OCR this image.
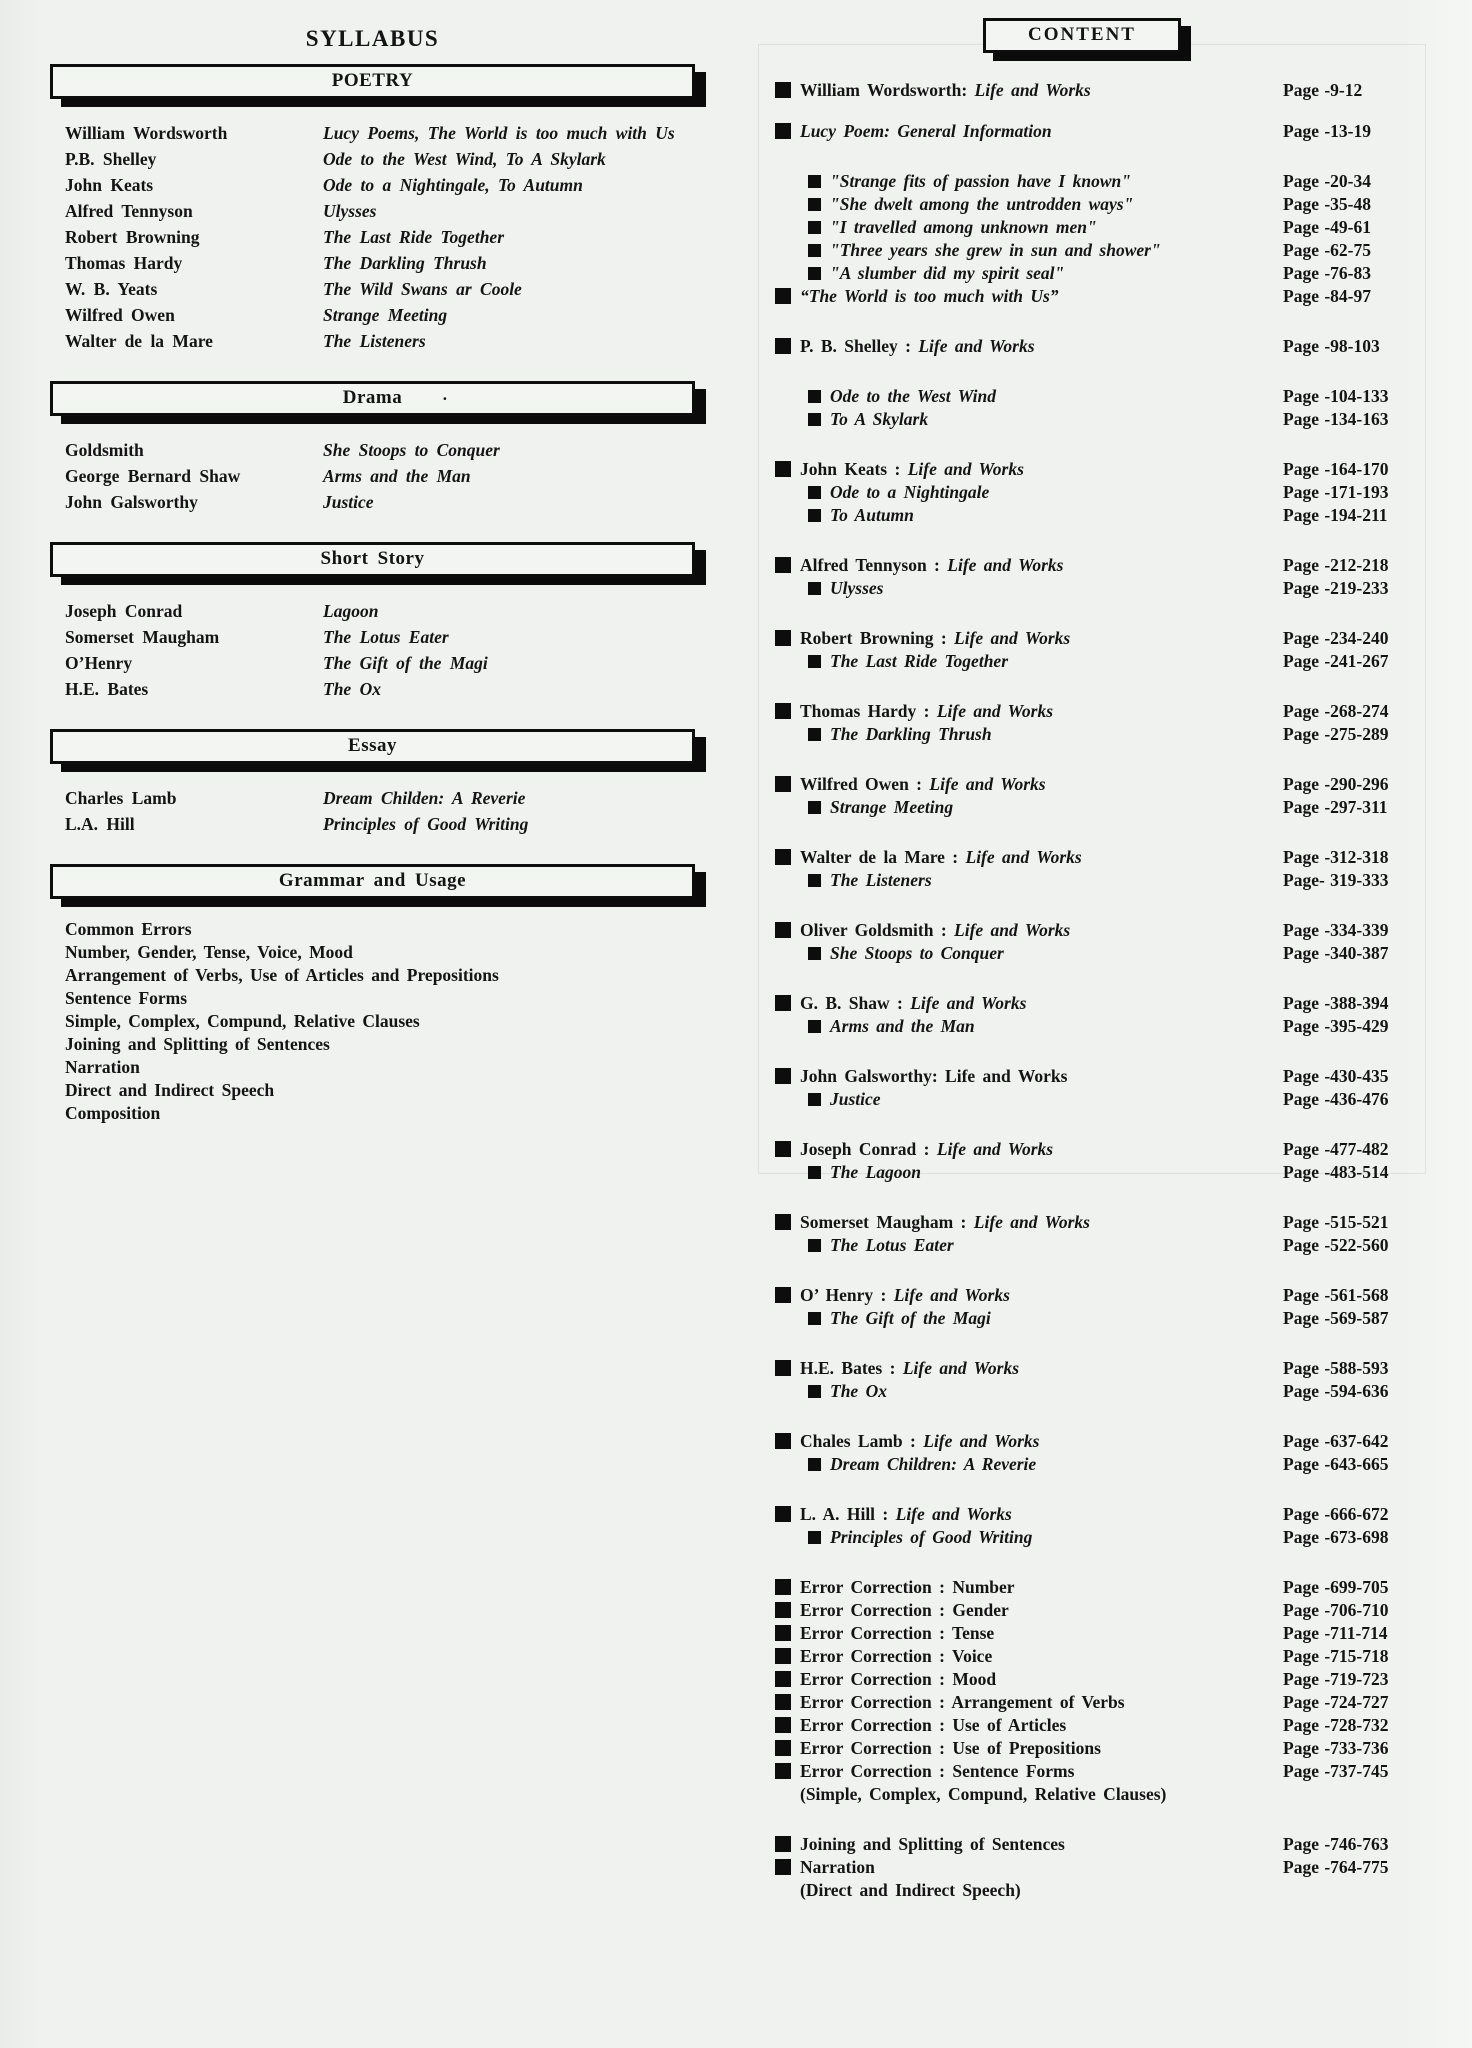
SYLLABUS
POETRY
William Wordsworth	Lucy Poems, The World is too much with Us
P.B. Shelley	Ode to the West Wind, To A Skylark
John Keats	Ode to a Nightingale, To Autumn
Alfred Tennyson	Ulysses
Robert Browning	The Last Ride Together
Thomas Hardy	The Darkling Thrush
W. B. Yeats	The Wild Swans ar Coole
Wilfred Owen	Strange Meeting
Walter de la Mare	The Listeners
Drama .
Goldsmith	She Stoops to Conquer
George Bernard Shaw	Arms and the Man
John Galsworthy	Justice
Short Story
Joseph Conrad	Lagoon
Somerset Maugham	The Lotus Eater
O’Henry	The Gift of the Magi
H.E. Bates	The Ox
Essay
Charles Lamb	Dream Childen: A Reverie
L.A. Hill	Principles of Good Writing
Grammar and Usage
Common Errors
Number, Gender, Tense, Voice, Mood
Arrangement of Verbs, Use of Articles and Prepositions
Sentence Forms
Simple, Complex, Compund, Relative Clauses
Joining and Splitting of Sentences
Narration
Direct and Indirect Speech
Composition
CONTENT
William Wordsworth: Life and Works	Page -9-12
Lucy Poem: General Information	Page -13-19
"Strange fits of passion have I known"	Page -20-34
"She dwelt among the untrodden ways"	Page -35-48
"I travelled among unknown men"	Page -49-61
"Three years she grew in sun and shower"	Page -62-75
"A slumber did my spirit seal"	Page -76-83
“The World is too much with Us”	Page -84-97
P. B. Shelley : Life and Works	Page -98-103
Ode to the West Wind	Page -104-133
To A Skylark	Page -134-163
John Keats : Life and Works	Page -164-170
Ode to a Nightingale	Page -171-193
To Autumn	Page -194-211
Alfred Tennyson : Life and Works	Page -212-218
Ulysses	Page -219-233
Robert Browning : Life and Works	Page -234-240
The Last Ride Together	Page -241-267
Thomas Hardy : Life and Works	Page -268-274
The Darkling Thrush	Page -275-289
Wilfred Owen : Life and Works	Page -290-296
Strange Meeting	Page -297-311
Walter de la Mare : Life and Works	Page -312-318
The Listeners	Page- 319-333
Oliver Goldsmith : Life and Works	Page -334-339
She Stoops to Conquer	Page -340-387
G. B. Shaw : Life and Works	Page -388-394
Arms and the Man	Page -395-429
John Galsworthy: Life and Works	Page -430-435
Justice	Page -436-476
Joseph Conrad : Life and Works	Page -477-482
The Lagoon	Page -483-514
Somerset Maugham : Life and Works	Page -515-521
The Lotus Eater	Page -522-560
O’ Henry : Life and Works	Page -561-568
The Gift of the Magi	Page -569-587
H.E. Bates : Life and Works	Page -588-593
The Ox	Page -594-636
Chales Lamb : Life and Works	Page -637-642
Dream Children: A Reverie	Page -643-665
L. A. Hill : Life and Works	Page -666-672
Principles of Good Writing	Page -673-698
Error Correction : Number	Page -699-705
Error Correction : Gender	Page -706-710
Error Correction : Tense	Page -711-714
Error Correction : Voice	Page -715-718
Error Correction : Mood	Page -719-723
Error Correction : Arrangement of Verbs	Page -724-727
Error Correction : Use of Articles	Page -728-732
Error Correction : Use of Prepositions	Page -733-736
Error Correction : Sentence Forms	Page -737-745
(Simple, Complex, Compund, Relative Clauses)
Joining and Splitting of Sentences	Page -746-763
Narration	Page -764-775
(Direct and Indirect Speech)
